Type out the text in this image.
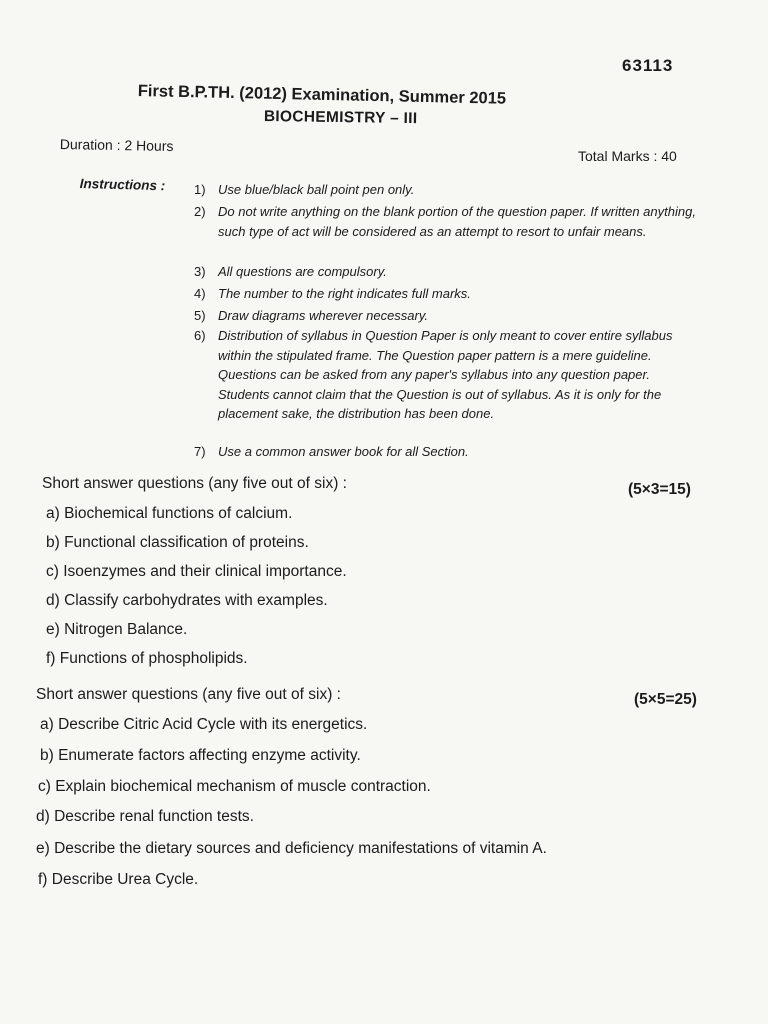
63113
First B.P.TH. (2012) Examination, Summer 2015
BIOCHEMISTRY – III
Duration : 2 Hours
Total Marks : 40
Instructions : 1) Use blue/black ball point pen only.
2) Do not write anything on the blank portion of the question paper. If written anything, such type of act will be considered as an attempt to resort to unfair means.
3) All questions are compulsory.
4) The number to the right indicates full marks.
5) Draw diagrams wherever necessary.
6) Distribution of syllabus in Question Paper is only meant to cover entire syllabus within the stipulated frame. The Question paper pattern is a mere guideline. Questions can be asked from any paper's syllabus into any question paper. Students cannot claim that the Question is out of syllabus. As it is only for the placement sake, the distribution has been done.
7) Use a common answer book for all Section.
Short answer questions (any five out of six) :	(5×3=15)
a) Biochemical functions of calcium.
b) Functional classification of proteins.
c) Isoenzymes and their clinical importance.
d) Classify carbohydrates with examples.
e) Nitrogen Balance.
f) Functions of phospholipids.
Short answer questions (any five out of six) :	(5×5=25)
a) Describe Citric Acid Cycle with its energetics.
b) Enumerate factors affecting enzyme activity.
c) Explain biochemical mechanism of muscle contraction.
d) Describe renal function tests.
e) Describe the dietary sources and deficiency manifestations of vitamin A.
f) Describe Urea Cycle.
